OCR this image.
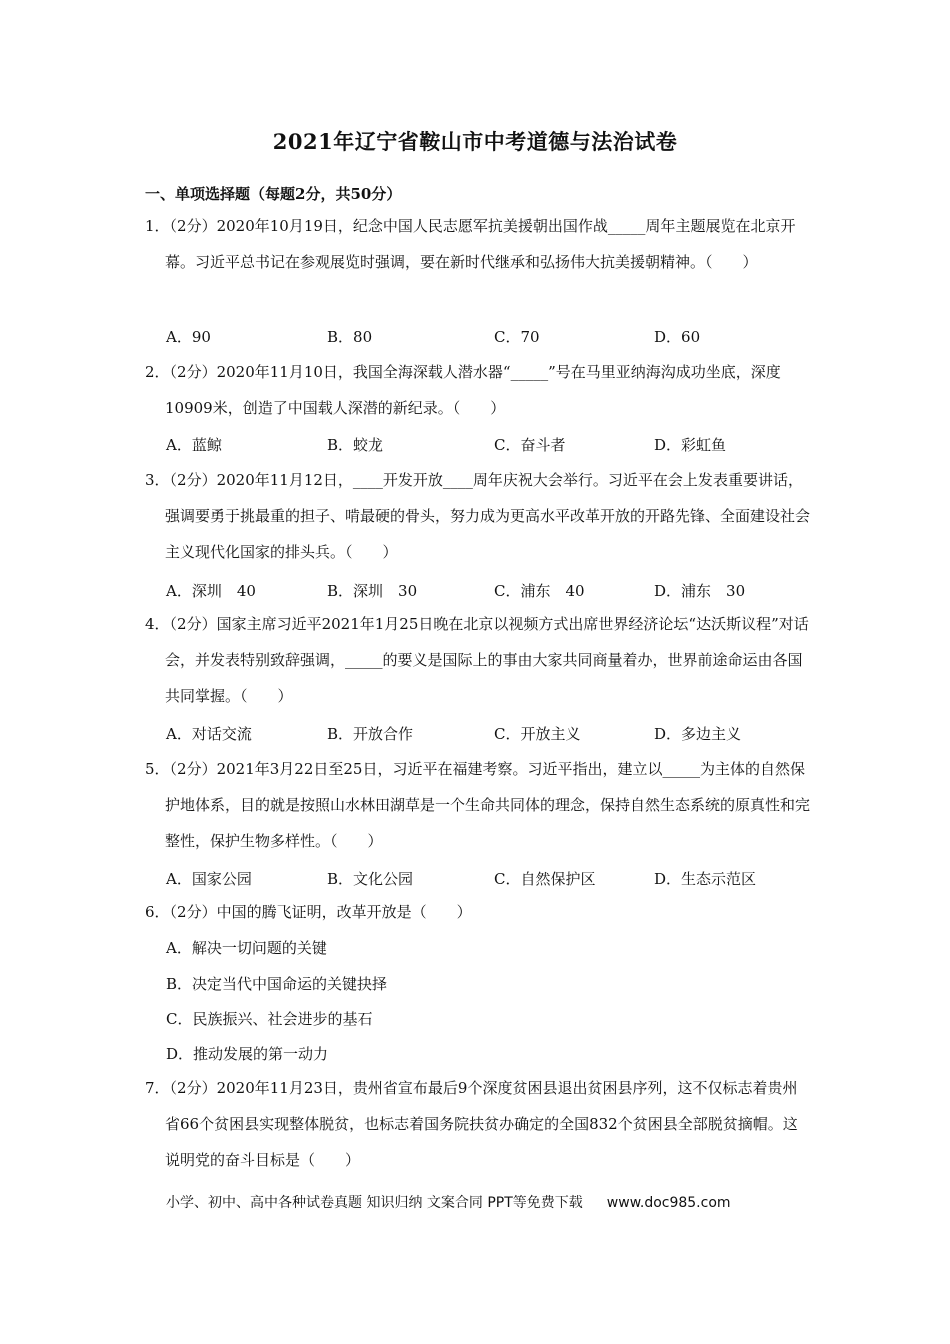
2021年辽宁省鞍山市中考道德与法治试卷
一、单项选择题（每题2分，共50分）
1．（2分）2020年10月19日，纪念中国人民志愿军抗美援朝出国作战_____周年主题展览在北京开幕。习近平总书记在参观展览时强调，要在新时代继承和弘扬伟大抗美援朝精神。（　　）
A．90	B．80	C．70	D．60
2．（2分）2020年11月10日，我国全海深载人潜水器“_____”号在马里亚纳海沟成功坐底，深度10909米，创造了中国载人深潜的新纪录。（　　）
A．蓝鲸	B．蛟龙	C．奋斗者	D．彩虹鱼
3．（2分）2020年11月12日，____开发开放____周年庆祝大会举行。习近平在会上发表重要讲话，强调要勇于挑最重的担子、啃最硬的骨头，努力成为更高水平改革开放的开路先锋、全面建设社会主义现代化国家的排头兵。（　　）
A．深圳　40	B．深圳　30	C．浦东　40	D．浦东　30
4．（2分）国家主席习近平2021年1月25日晚在北京以视频方式出席世界经济论坛“达沃斯议程”对话会，并发表特别致辞强调，_____的要义是国际上的事由大家共同商量着办，世界前途命运由各国共同掌握。（　　）
A．对话交流	B．开放合作	C．开放主义	D．多边主义
5．（2分）2021年3月22日至25日，习近平在福建考察。习近平指出，建立以_____为主体的自然保护地体系，目的就是按照山水林田湖草是一个生命共同体的理念，保持自然生态系统的原真性和完整性，保护生物多样性。（　　）
A．国家公园	B．文化公园	C．自然保护区	D．生态示范区
6．（2分）中国的腾飞证明，改革开放是（　　）
A．解决一切问题的关键
B．决定当代中国命运的关键抉择
C．民族振兴、社会进步的基石
D．推动发展的第一动力
7．（2分）2020年11月23日，贵州省宣布最后9个深度贫困县退出贫困县序列，这不仅标志着贵州省66个贫困县实现整体脱贫，也标志着国务院扶贫办确定的全国832个贫困县全部脱贫摘帽。这说明党的奋斗目标是（　　）
小学、初中、高中各种试卷真题 知识归纳 文案合同 PPT等免费下载 www.doc985.com
